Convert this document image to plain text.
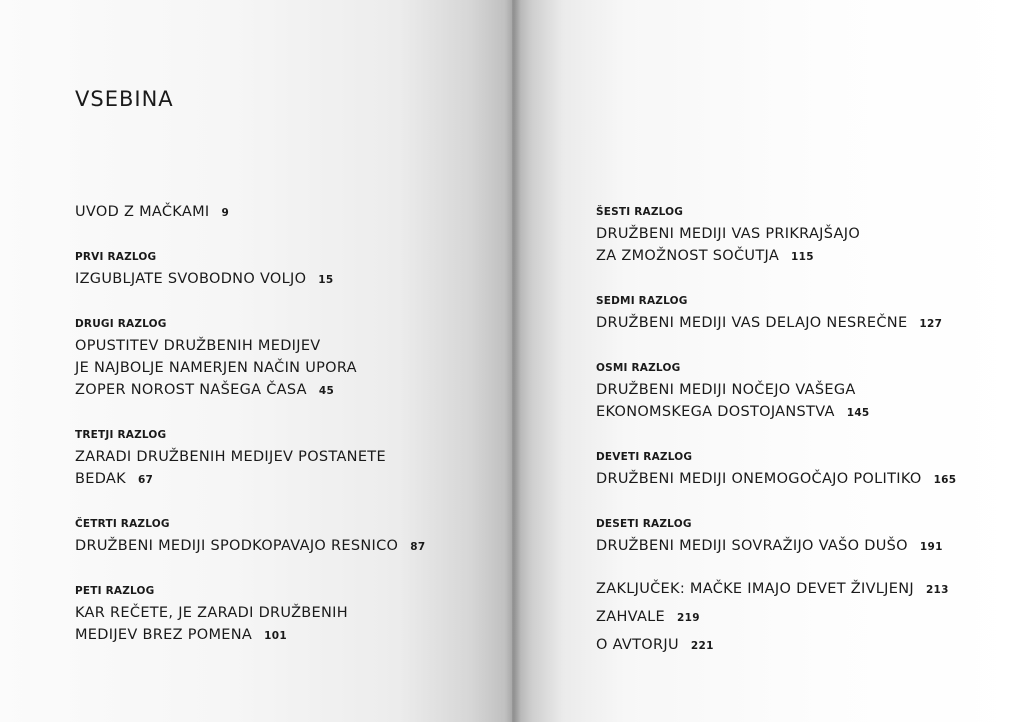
VSEBINA
UVOD Z MAČKAMI 9
PRVI RAZLOG
IZGUBLJATE SVOBODNO VOLJO 15
DRUGI RAZLOG
OPUSTITEV DRUŽBENIH MEDIJEV
JE NAJBOLJE NAMERJEN NAČIN UPORA
ZOPER NOROST NAŠEGA ČASA 45
TRETJI RAZLOG
ZARADI DRUŽBENIH MEDIJEV POSTANETE
BEDAK 67
ČETRTI RAZLOG
DRUŽBENI MEDIJI SPODKOPAVAJO RESNICO 87
PETI RAZLOG
KAR REČETE, JE ZARADI DRUŽBENIH
MEDIJEV BREZ POMENA 101
ŠESTI RAZLOG
DRUŽBENI MEDIJI VAS PRIKRAJŠAJO
ZA ZMOŽNOST SOČUTJA 115
SEDMI RAZLOG
DRUŽBENI MEDIJI VAS DELAJO NESREČNE 127
OSMI RAZLOG
DRUŽBENI MEDIJI NOČEJO VAŠEGA
EKONOMSKEGA DOSTOJANSTVA 145
DEVETI RAZLOG
DRUŽBENI MEDIJI ONEMOGOČAJO POLITIKO 165
DESETI RAZLOG
DRUŽBENI MEDIJI SOVRAŽIJO VAŠO DUŠO 191
ZAKLJUČEK: MAČKE IMAJO DEVET ŽIVLJENJ 213
ZAHVALE 219
O AVTORJU 221
